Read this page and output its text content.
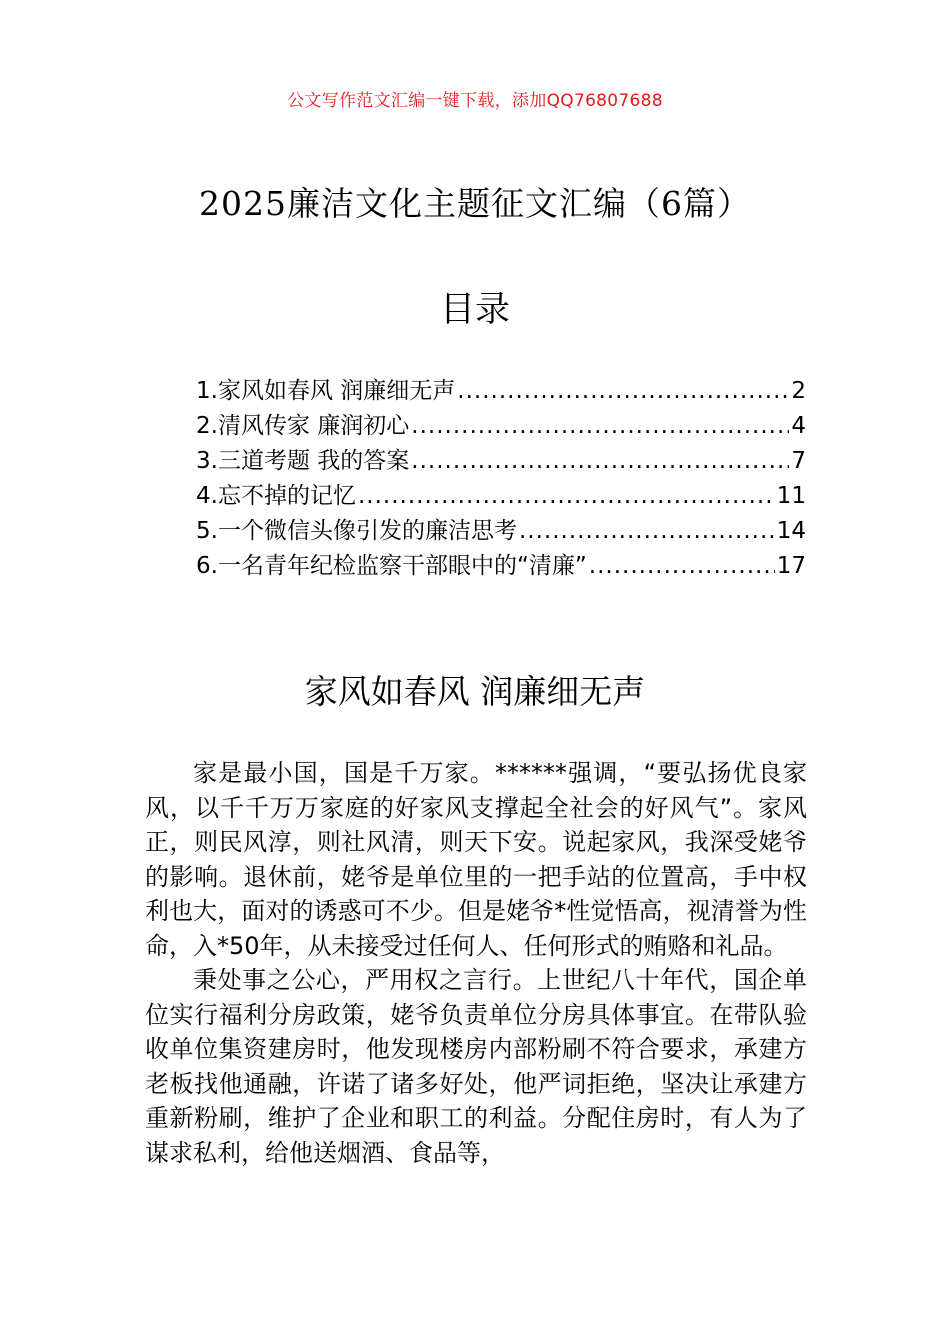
公文写作范文汇编一键下载，添加QQ76807688
2025廉洁文化主题征文汇编（6篇）
目录
1.家风如春风 润廉细无声 .....	2
2.清风传家 廉润初心 .....	4
3.三道考题 我的答案 .....	7
4.忘不掉的记忆 .....	11
5.一个微信头像引发的廉洁思考 .....	14
6.一名青年纪检监察干部眼中的“清廉” .....	17
家风如春风 润廉细无声

家是最小国，国是千万家。******强调，“要弘扬优良家风，以千千万万家庭的好家风支撑起全社会的好风气”。家风正，则民风淳，则社风清，则天下安。说起家风，我深受姥爷的影响。退休前，姥爷是单位里的一把手站的位置高，手中权利也大，面对的诱惑可不少。但是姥爷*性觉悟高，视清誉为性命，入*50年，从未接受过任何人、任何形式的贿赂和礼品。

秉处事之公心，严用权之言行。上世纪八十年代，国企单位实行福利分房政策，姥爷负责单位分房具体事宜。在带队验收单位集资建房时，他发现楼房内部粉刷不符合要求，承建方老板找他通融，许诺了诸多好处，他严词拒绝，坚决让承建方重新粉刷，维护了企业和职工的利益。分配住房时，有人为了谋求私利，给他送烟酒、食品等，
